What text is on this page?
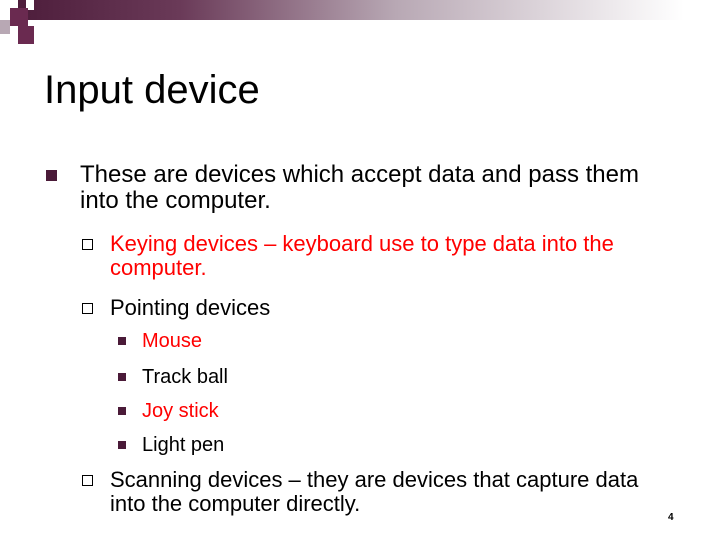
Input device
These are devices which accept data and pass them into the computer.
Keying devices – keyboard use to type data into the computer.
Pointing devices
Mouse
Track ball
Joy stick
Light pen
Scanning devices – they are devices that capture data into the computer directly.
4
